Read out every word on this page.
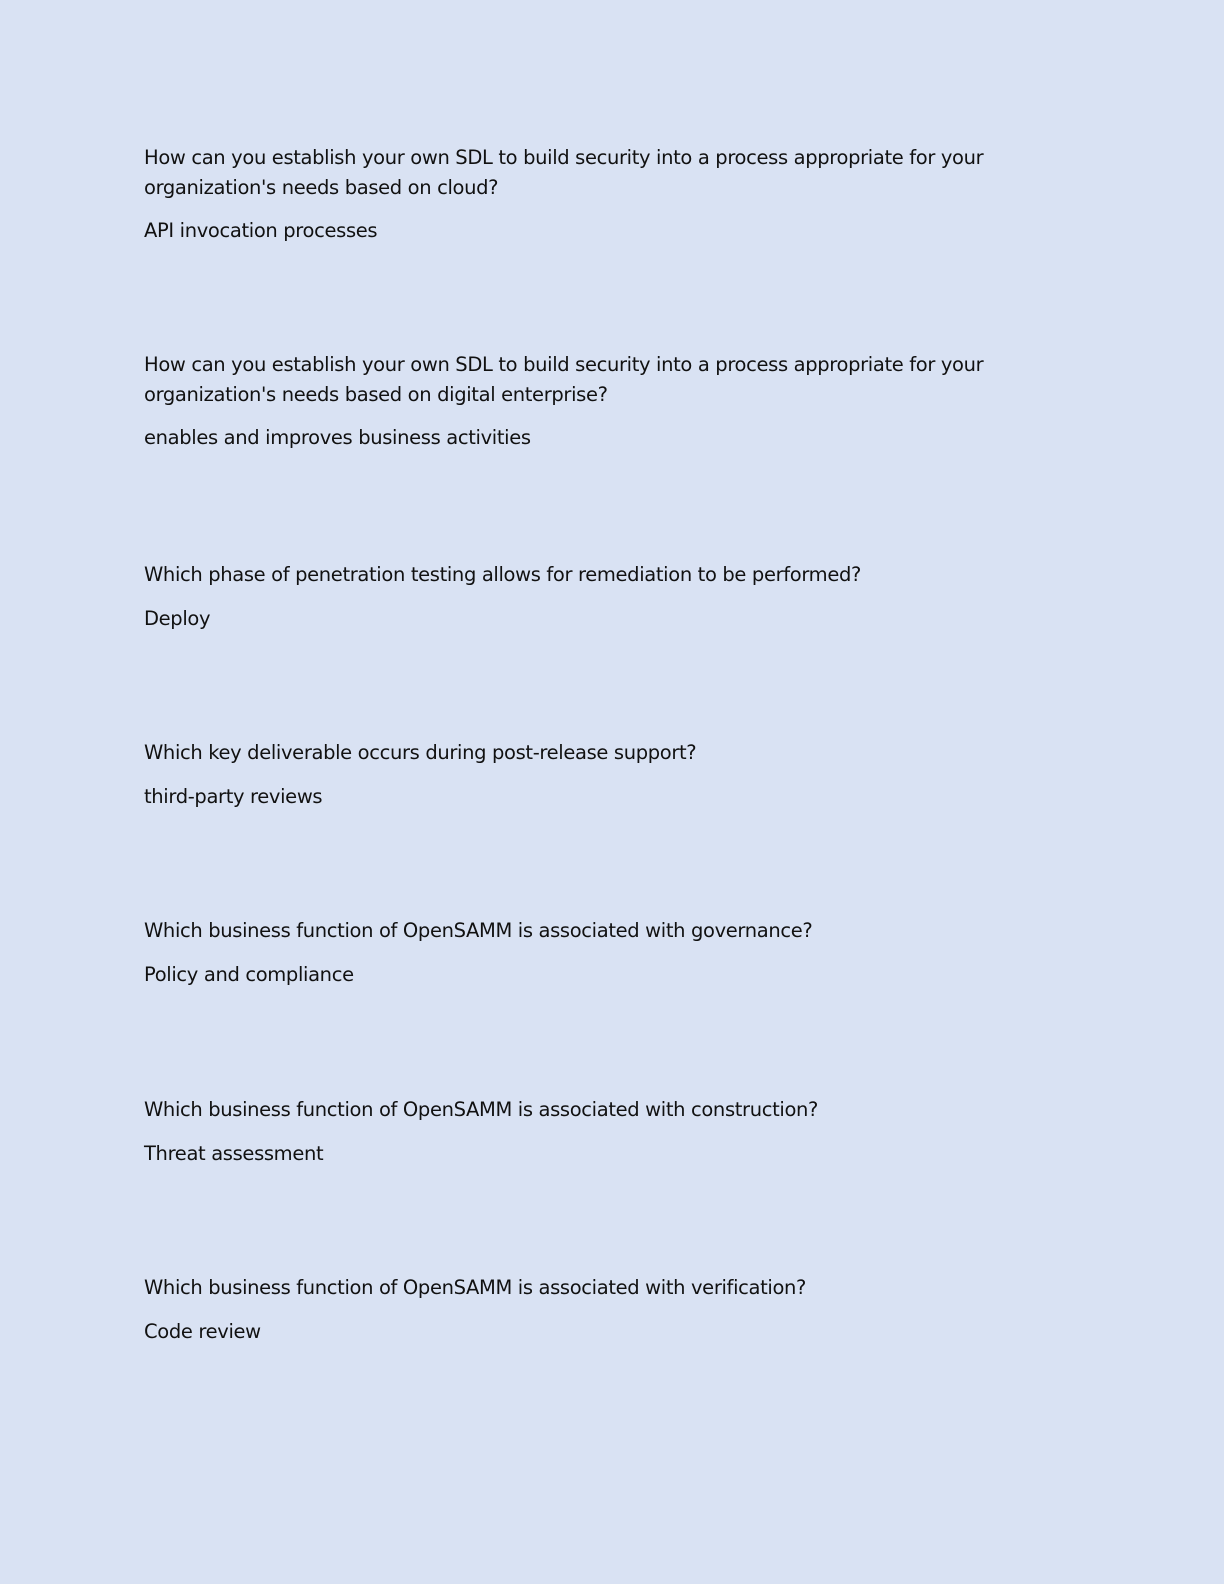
How can you establish your own SDL to build security into a process appropriate for your organization's needs based on cloud?

API invocation processes

How can you establish your own SDL to build security into a process appropriate for your organization's needs based on digital enterprise?

enables and improves business activities

Which phase of penetration testing allows for remediation to be performed?

Deploy

Which key deliverable occurs during post-release support?

third-party reviews

Which business function of OpenSAMM is associated with governance?

Policy and compliance

Which business function of OpenSAMM is associated with construction?

Threat assessment

Which business function of OpenSAMM is associated with verification?

Code review
